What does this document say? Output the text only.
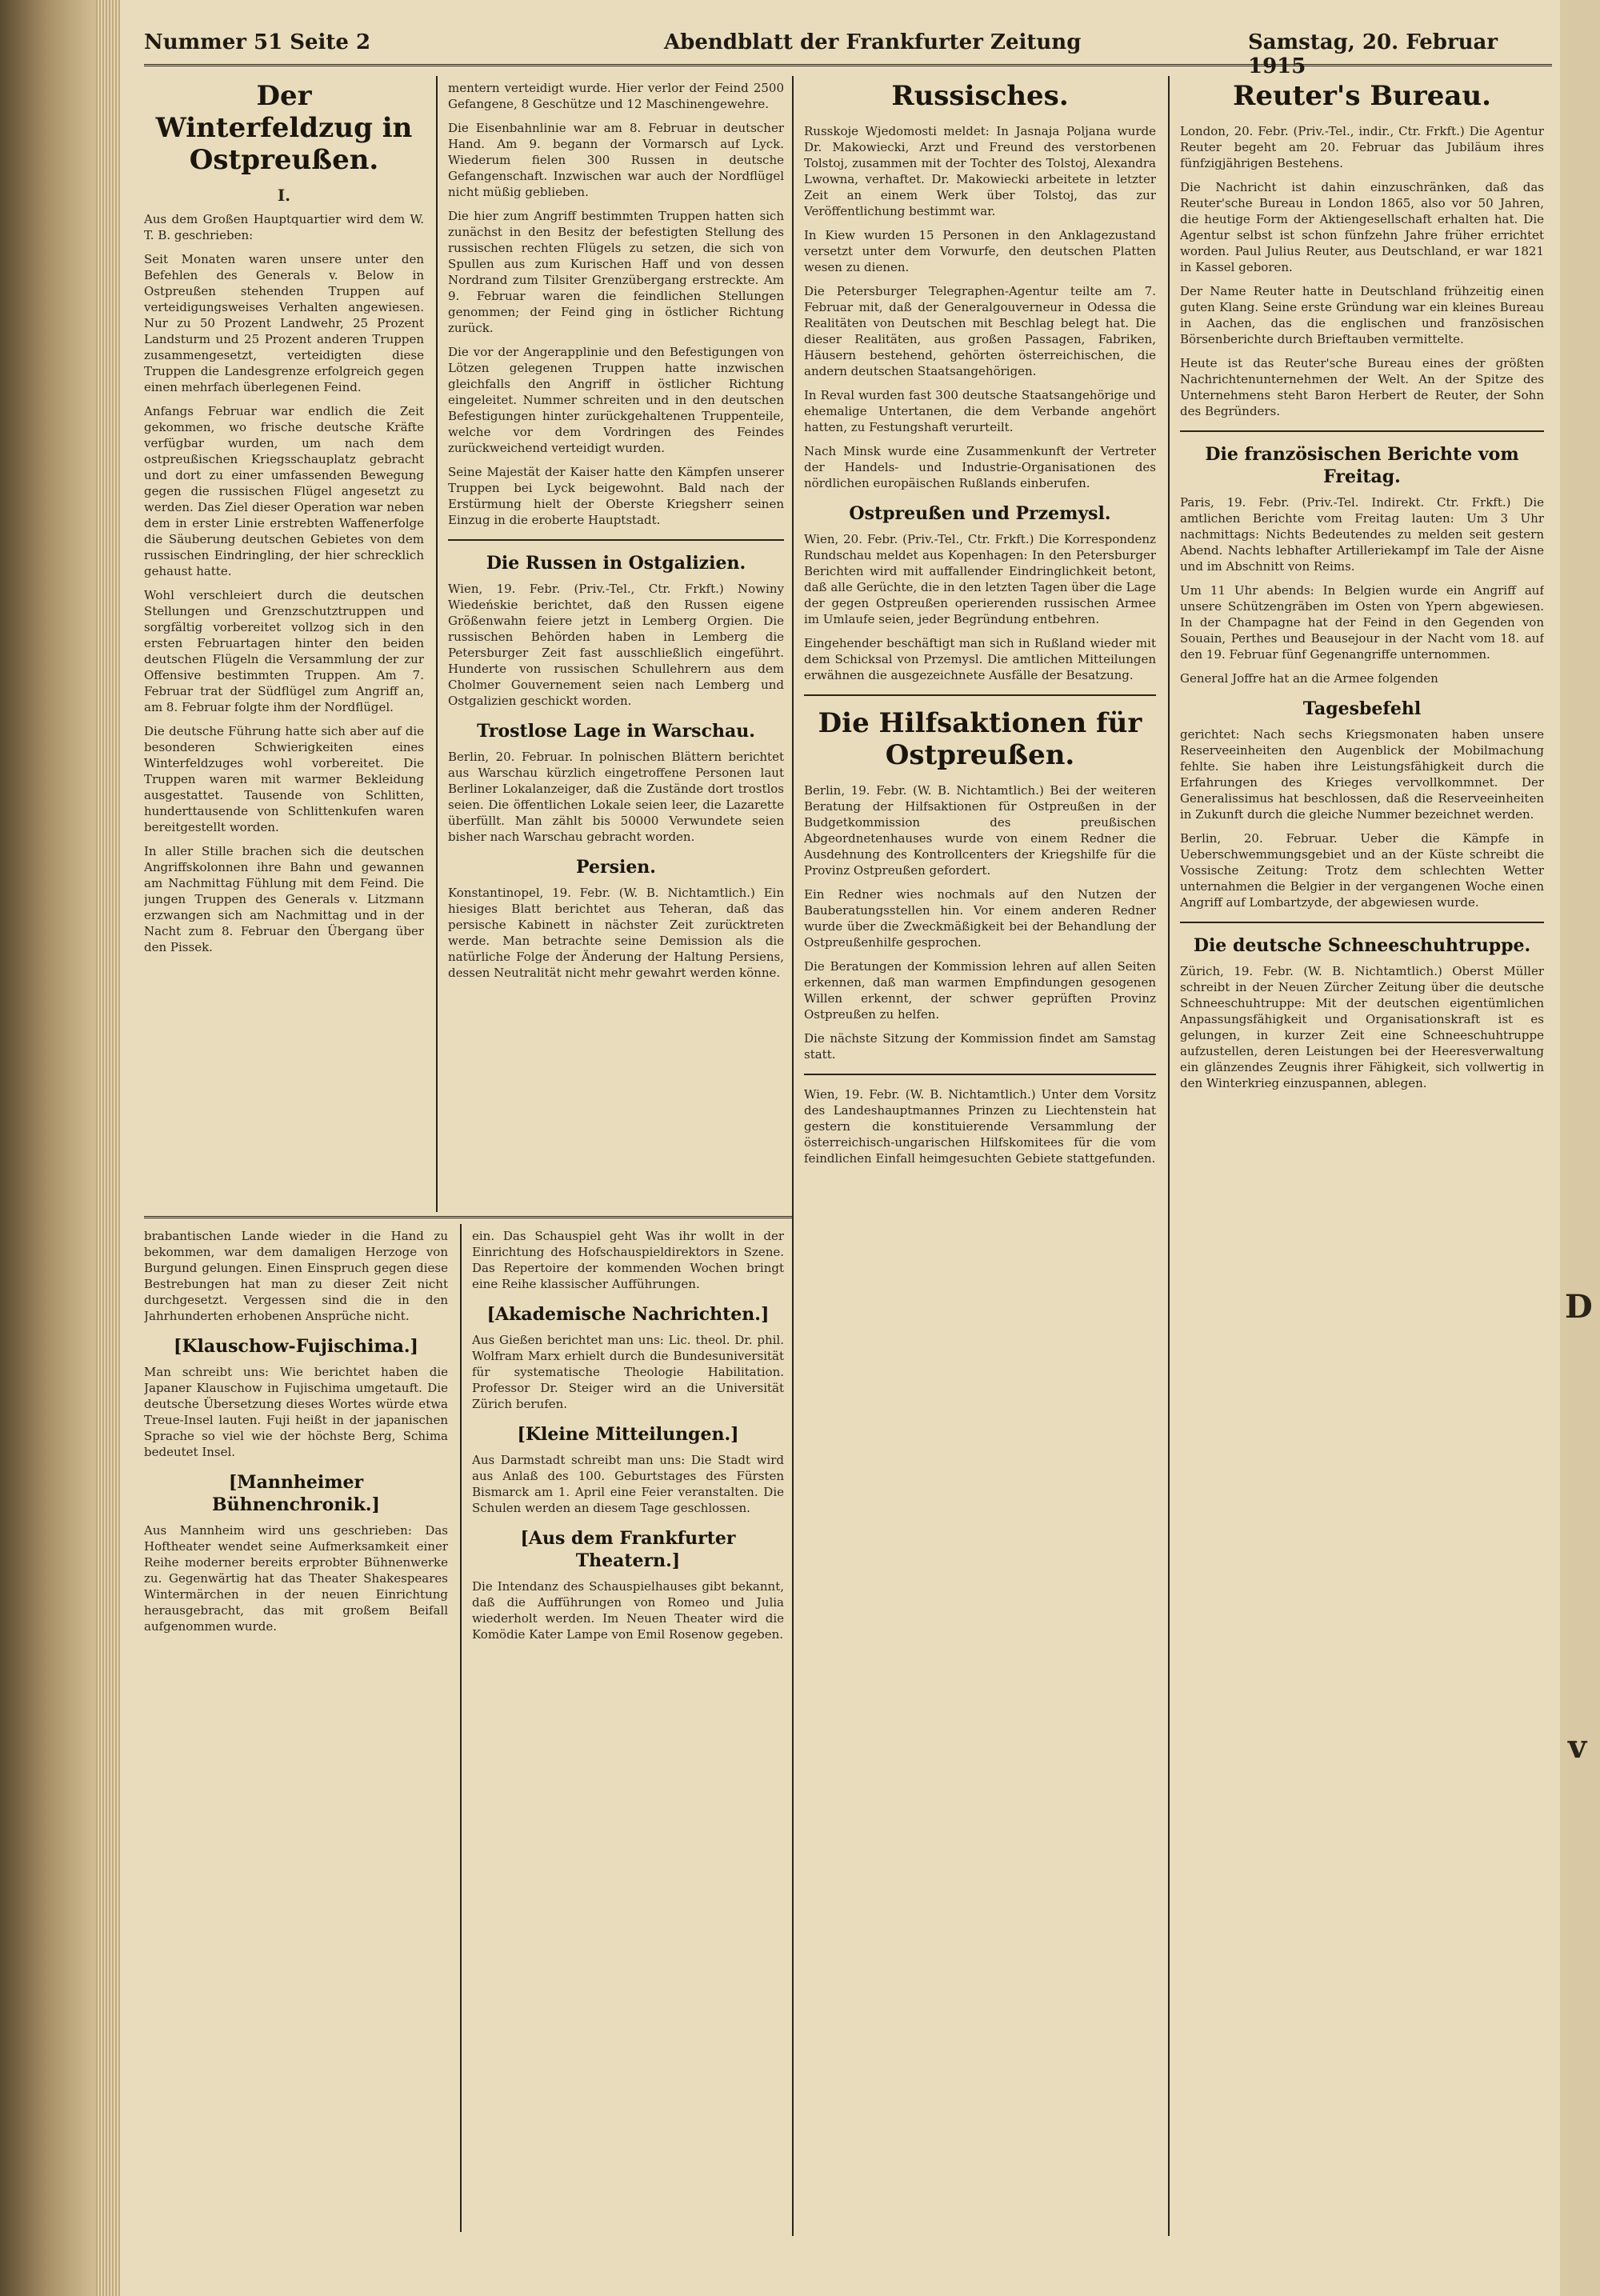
Nummer 51 Seite 2	Abendblatt der Frankfurter Zeitung	Samstag, 20. Februar 1915
Der Winterfeldzug in Ostpreußen.

I.

Aus dem Großen Hauptquartier wird dem W. T. B. geschrieben:

Seit Monaten waren unsere unter den Befehlen des Generals v. Below in Ostpreußen stehenden Truppen auf verteidigungsweises Verhalten angewiesen. Nur zu 50 Prozent Landwehr, 25 Prozent Landsturm und 25 Prozent anderen Truppen zusammengesetzt, verteidigten diese Truppen die Landesgrenze erfolgreich gegen einen mehrfach überlegenen Feind.

Anfangs Februar war endlich die Zeit gekommen, wo frische deutsche Kräfte verfügbar wurden, um nach dem ostpreußischen Kriegsschauplatz gebracht und dort zu einer umfassenden Bewegung gegen die russischen Flügel angesetzt zu werden. Das Ziel dieser Operation war neben dem in erster Linie erstrebten Waffenerfolge die Säuberung deutschen Gebietes von dem russischen Eindringling, der hier schrecklich gehaust hatte.

Wohl verschleiert durch die deutschen Stellungen und Grenzschutztruppen und sorgfältig vorbereitet vollzog sich in den ersten Februartagen hinter den beiden deutschen Flügeln die Versammlung der zur Offensive bestimmten Truppen. Am 7. Februar trat der Südflügel zum Angriff an, am 8. Februar folgte ihm der Nordflügel.

Die deutsche Führung hatte sich aber auf die besonderen Schwierigkeiten eines Winterfeldzuges wohl vorbereitet. Die Truppen waren mit warmer Bekleidung ausgestattet. Tausende von Schlitten, hunderttausende von Schlittenkufen waren bereitgestellt worden.

In aller Stille brachen sich die deutschen Angriffskolonnen ihre Bahn und gewannen am Nachmittag Fühlung mit dem Feind. Die jungen Truppen des Generals v. Litzmann erzwangen sich am Nachmittag und in der Nacht zum 8. Februar den Übergang über den Pissek.

mentern verteidigt wurde. Hier verlor der Feind 2500 Gefangene, 8 Geschütze und 12 Maschinengewehre.

Die Eisenbahnlinie war am 8. Februar in deutscher Hand. Am 9. begann der Vormarsch auf Lyck. Wiederum fielen 300 Russen in deutsche Gefangenschaft. Inzwischen war auch der Nordflügel nicht müßig geblieben.

Die hier zum Angriff bestimmten Truppen hatten sich zunächst in den Besitz der befestigten Stellung des russischen rechten Flügels zu setzen, die sich von Spullen aus zum Kurischen Haff und von dessen Nordrand zum Tilsiter Grenzübergang erstreckte. Am 9. Februar waren die feindlichen Stellungen genommen; der Feind ging in östlicher Richtung zurück.

Die vor der Angerapplinie und den Befestigungen von Lötzen gelegenen Truppen hatte inzwischen gleichfalls den Angriff in östlicher Richtung eingeleitet. Nummer schreiten und in den deutschen Befestigungen hinter zurückgehaltenen Truppenteile, welche vor dem Vordringen des Feindes zurückweichend verteidigt wurden.

Seine Majestät der Kaiser hatte den Kämpfen unserer Truppen bei Lyck beigewohnt. Bald nach der Erstürmung hielt der Oberste Kriegsherr seinen Einzug in die eroberte Hauptstadt.

Die Russen in Ostgalizien.

Wien, 19. Febr. (Priv.-Tel., Ctr. Frkft.) Nowiny Wiedeńskie berichtet, daß den Russen eigene Größenwahn feiere jetzt in Lemberg Orgien. Die russischen Behörden haben in Lemberg die Petersburger Zeit fast ausschließlich eingeführt. Hunderte von russischen Schullehrern aus dem Cholmer Gouvernement seien nach Lemberg und Ostgalizien geschickt worden.

Trostlose Lage in Warschau.

Berlin, 20. Februar. In polnischen Blättern berichtet aus Warschau kürzlich eingetroffene Personen laut Berliner Lokalanzeiger, daß die Zustände dort trostlos seien. Die öffentlichen Lokale seien leer, die Lazarette überfüllt. Man zählt bis 50000 Verwundete seien bisher nach Warschau gebracht worden.

Persien.

Konstantinopel, 19. Febr. (W. B. Nichtamtlich.) Ein hiesiges Blatt berichtet aus Teheran, daß das persische Kabinett in nächster Zeit zurücktreten werde. Man betrachte seine Demission als die natürliche Folge der Änderung der Haltung Persiens, dessen Neutralität nicht mehr gewahrt werden könne.

Russisches.

Russkoje Wjedomosti meldet: In Jasnaja Poljana wurde Dr. Makowiecki, Arzt und Freund des verstorbenen Tolstoj, zusammen mit der Tochter des Tolstoj, Alexandra Lwowna, verhaftet. Dr. Makowiecki arbeitete in letzter Zeit an einem Werk über Tolstoj, das zur Veröffentlichung bestimmt war.

In Kiew wurden 15 Personen in den Anklagezustand versetzt unter dem Vorwurfe, den deutschen Platten wesen zu dienen.

Die Petersburger Telegraphen-Agentur teilte am 7. Februar mit, daß der Generalgouverneur in Odessa die Realitäten von Deutschen mit Beschlag belegt hat. Die dieser Realitäten, aus großen Passagen, Fabriken, Häusern bestehend, gehörten österreichischen, die andern deutschen Staatsangehörigen.

In Reval wurden fast 300 deutsche Staatsangehörige und ehemalige Untertanen, die dem Verbande angehört hatten, zu Festungshaft verurteilt.

Nach Minsk wurde eine Zusammenkunft der Vertreter der Handels- und Industrie-Organisationen des nördlichen europäischen Rußlands einberufen.

Ostpreußen und Przemysl.

Wien, 20. Febr. (Priv.-Tel., Ctr. Frkft.) Die Korrespondenz Rundschau meldet aus Kopenhagen: In den Petersburger Berichten wird mit auffallender Eindringlichkeit betont, daß alle Gerüchte, die in den letzten Tagen über die Lage der gegen Ostpreußen operierenden russischen Armee im Umlaufe seien, jeder Begründung entbehren.

Eingehender beschäftigt man sich in Rußland wieder mit dem Schicksal von Przemysl. Die amtlichen Mitteilungen erwähnen die ausgezeichnete Ausfälle der Besatzung.

Die Hilfsaktionen für Ostpreußen.

Berlin, 19. Febr. (W. B. Nichtamtlich.) Bei der weiteren Beratung der Hilfsaktionen für Ostpreußen in der Budgetkommission des preußischen Abgeordnetenhauses wurde von einem Redner die Ausdehnung des Kontrollcenters der Kriegshilfe für die Provinz Ostpreußen gefordert.

Ein Redner wies nochmals auf den Nutzen der Bauberatungsstellen hin. Vor einem anderen Redner wurde über die Zweckmäßigkeit bei der Behandlung der Ostpreußenhilfe gesprochen.

Die Beratungen der Kommission lehren auf allen Seiten erkennen, daß man warmen Empfindungen gesogenen Willen erkennt, der schwer geprüften Provinz Ostpreußen zu helfen.

Die nächste Sitzung der Kommission findet am Samstag statt.

Wien, 19. Febr. (W. B. Nichtamtlich.) Unter dem Vorsitz des Landeshauptmannes Prinzen zu Liechtenstein hat gestern die konstituierende Versammlung der österreichisch-ungarischen Hilfskomitees für die vom feindlichen Einfall heimgesuchten Gebiete stattgefunden.

Reuter's Bureau.

London, 20. Febr. (Priv.-Tel., indir., Ctr. Frkft.) Die Agentur Reuter begeht am 20. Februar das Jubiläum ihres fünfzigjährigen Bestehens.

Die Nachricht ist dahin einzuschränken, daß das Reuter'sche Bureau in London 1865, also vor 50 Jahren, die heutige Form der Aktiengesellschaft erhalten hat. Die Agentur selbst ist schon fünfzehn Jahre früher errichtet worden. Paul Julius Reuter, aus Deutschland, er war 1821 in Kassel geboren.

Der Name Reuter hatte in Deutschland frühzeitig einen guten Klang. Seine erste Gründung war ein kleines Bureau in Aachen, das die englischen und französischen Börsenberichte durch Brieftauben vermittelte.

Heute ist das Reuter'sche Bureau eines der größten Nachrichtenunternehmen der Welt. An der Spitze des Unternehmens steht Baron Herbert de Reuter, der Sohn des Begründers.

Die französischen Berichte vom Freitag.

Paris, 19. Febr. (Priv.-Tel. Indirekt. Ctr. Frkft.) Die amtlichen Berichte vom Freitag lauten: Um 3 Uhr nachmittags: Nichts Bedeutendes zu melden seit gestern Abend. Nachts lebhafter Artilleriekampf im Tale der Aisne und im Abschnitt von Reims.

Um 11 Uhr abends: In Belgien wurde ein Angriff auf unsere Schützengräben im Osten von Ypern abgewiesen. In der Champagne hat der Feind in den Gegenden von Souain, Perthes und Beausejour in der Nacht vom 18. auf den 19. Februar fünf Gegenangriffe unternommen.

General Joffre hat an die Armee folgenden

Tagesbefehl

gerichtet: Nach sechs Kriegsmonaten haben unsere Reserveeinheiten den Augenblick der Mobilmachung fehlte. Sie haben ihre Leistungsfähigkeit durch die Erfahrungen des Krieges vervollkommnet. Der Generalissimus hat beschlossen, daß die Reserveeinheiten in Zukunft durch die gleiche Nummer bezeichnet werden.

Berlin, 20. Februar. Ueber die Kämpfe in Ueberschwemmungsgebiet und an der Küste schreibt die Vossische Zeitung: Trotz dem schlechten Wetter unternahmen die Belgier in der vergangenen Woche einen Angriff auf Lombartzyde, der abgewiesen wurde.

Die deutsche Schneeschuhtruppe.

Zürich, 19. Febr. (W. B. Nichtamtlich.) Oberst Müller schreibt in der Neuen Zürcher Zeitung über die deutsche Schneeschuhtruppe: Mit der deutschen eigentümlichen Anpassungsfähigkeit und Organisationskraft ist es gelungen, in kurzer Zeit eine Schneeschuhtruppe aufzustellen, deren Leistungen bei der Heeresverwaltung ein glänzendes Zeugnis ihrer Fähigkeit, sich vollwertig in den Winterkrieg einzuspannen, ablegen.

brabantischen Lande wieder in die Hand zu bekommen, war dem damaligen Herzoge von Burgund gelungen. Einen Einspruch gegen diese Bestrebungen hat man zu dieser Zeit nicht durchgesetzt. Vergessen sind die in den Jahrhunderten erhobenen Ansprüche nicht.

[Klauschow-Fujischima.]

Man schreibt uns: Wie berichtet haben die Japaner Klauschow in Fujischima umgetauft. Die deutsche Übersetzung dieses Wortes würde etwa Treue-Insel lauten. Fuji heißt in der japanischen Sprache so viel wie der höchste Berg, Schima bedeutet Insel.

[Mannheimer Bühnenchronik.]

Aus Mannheim wird uns geschrieben: Das Hoftheater wendet seine Aufmerksamkeit einer Reihe moderner bereits erprobter Bühnenwerke zu. Gegenwärtig hat das Theater Shakespeares Wintermärchen in der neuen Einrichtung herausgebracht, das mit großem Beifall aufgenommen wurde.

ein. Das Schauspiel geht Was ihr wollt in der Einrichtung des Hofschauspieldirektors in Szene. Das Repertoire der kommenden Wochen bringt eine Reihe klassischer Aufführungen.

[Akademische Nachrichten.]

Aus Gießen berichtet man uns: Lic. theol. Dr. phil. Wolfram Marx erhielt durch die Bundesuniversität für systematische Theologie Habilitation. Professor Dr. Steiger wird an die Universität Zürich berufen.

[Kleine Mitteilungen.]

Aus Darmstadt schreibt man uns: Die Stadt wird aus Anlaß des 100. Geburtstages des Fürsten Bismarck am 1. April eine Feier veranstalten. Die Schulen werden an diesem Tage geschlossen.

[Aus dem Frankfurter Theatern.]

Die Intendanz des Schauspielhauses gibt bekannt, daß die Aufführungen von Romeo und Julia wiederholt werden. Im Neuen Theater wird die Komödie Kater Lampe von Emil Rosenow gegeben.

D
v
